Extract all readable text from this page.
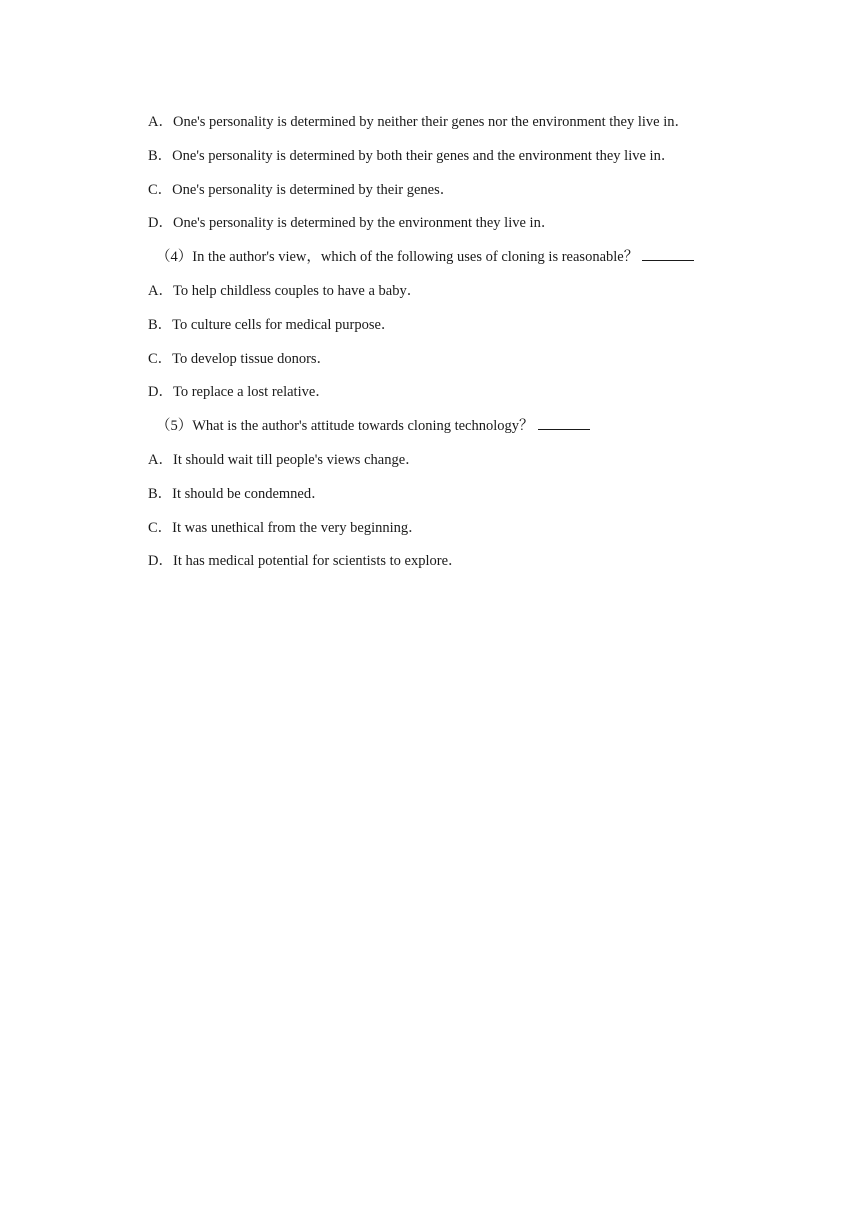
A．One's personality is determined by neither their genes nor the environment they live in．
B．One's personality is determined by both their genes and the environment they live in．
C．One's personality is determined by their genes．
D．One's personality is determined by the environment they live in．
（4）In the author's view，which of the following uses of cloning is reasonable？
A．To help childless couples to have a baby．
B．To culture cells for medical purpose．
C．To develop tissue donors．
D．To replace a lost relative．
（5）What is the author's attitude towards cloning technology？
A．It should wait till people's views change．
B．It should be condemned．
C．It was unethical from the very beginning．
D．It has medical potential for scientists to explore．
